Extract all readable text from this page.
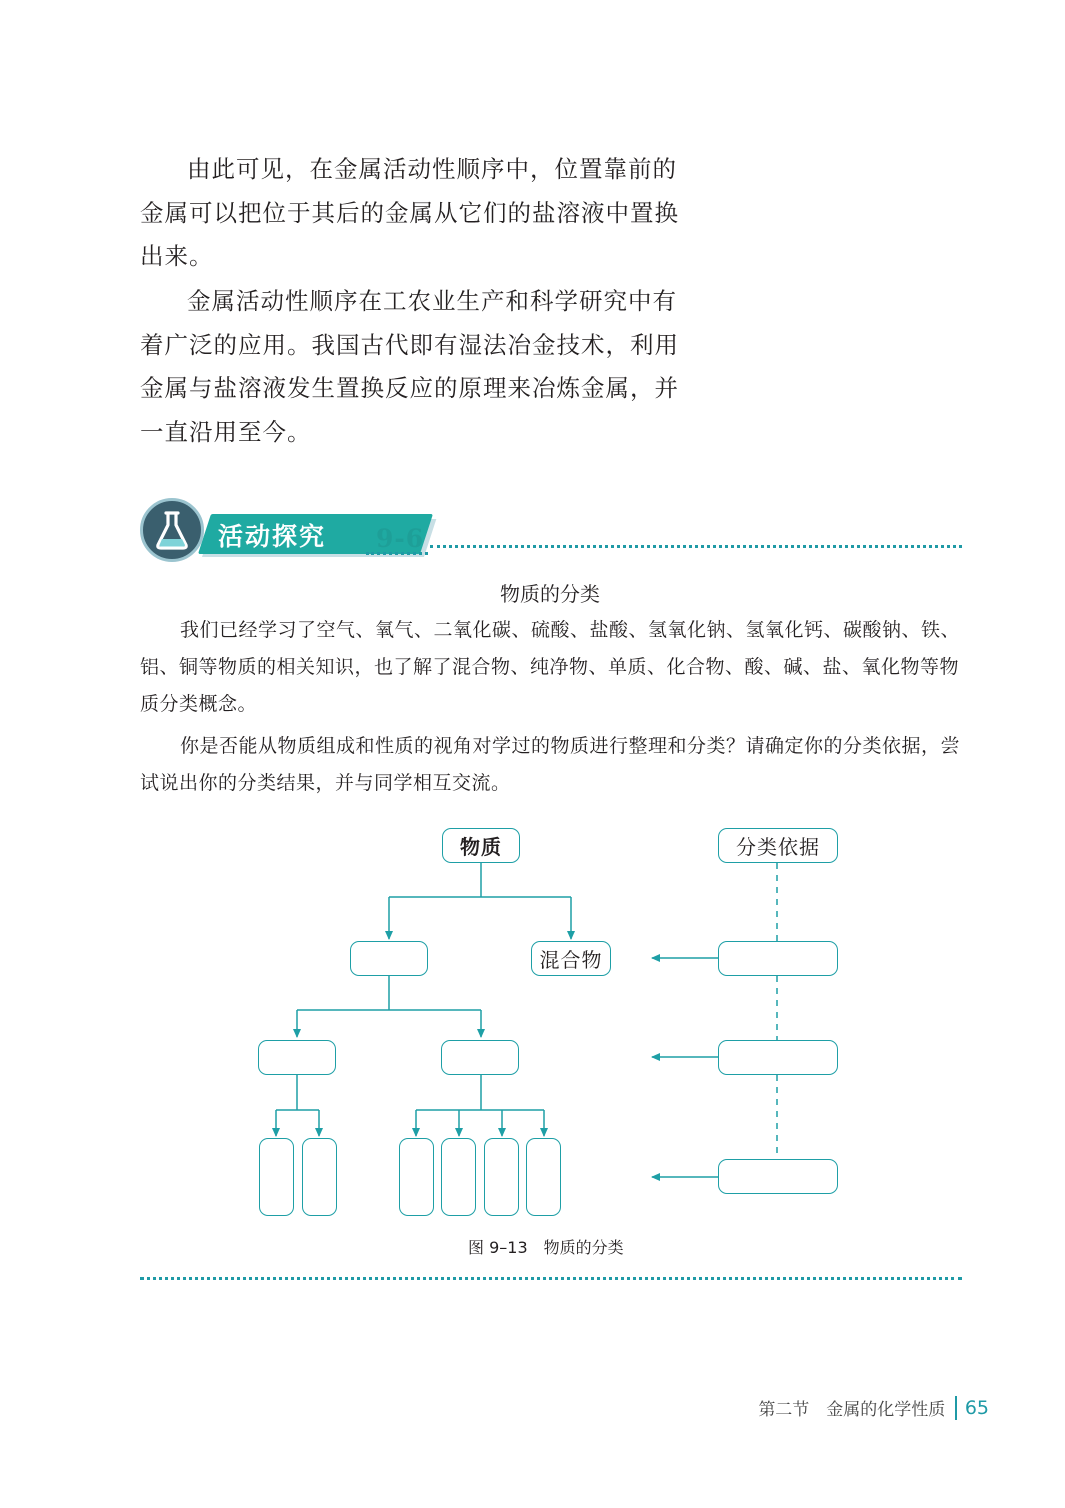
由此可见，在金属活动性顺序中，位置靠前的金属可以把位于其后的金属从它们的盐溶液中置换出来。

金属活动性顺序在工农业生产和科学研究中有着广泛的应用。我国古代即有湿法冶金技术，利用金属与盐溶液发生置换反应的原理来冶炼金属，并一直沿用至今。

活动探究 9-6
物质的分类

我们已经学习了空气、氧气、二氧化碳、硫酸、盐酸、氢氧化钠、氢氧化钙、碳酸钠、铁、铝、铜等物质的相关知识，也了解了混合物、纯净物、单质、化合物、酸、碱、盐、氧化物等物质分类概念。

你是否能从物质组成和性质的视角对学过的物质进行整理和分类？请确定你的分类依据，尝试说出你的分类结果，并与同学相互交流。

物质	分类依据
混合物
图 9–13　物质的分类
第二节　金属的化学性质 65
